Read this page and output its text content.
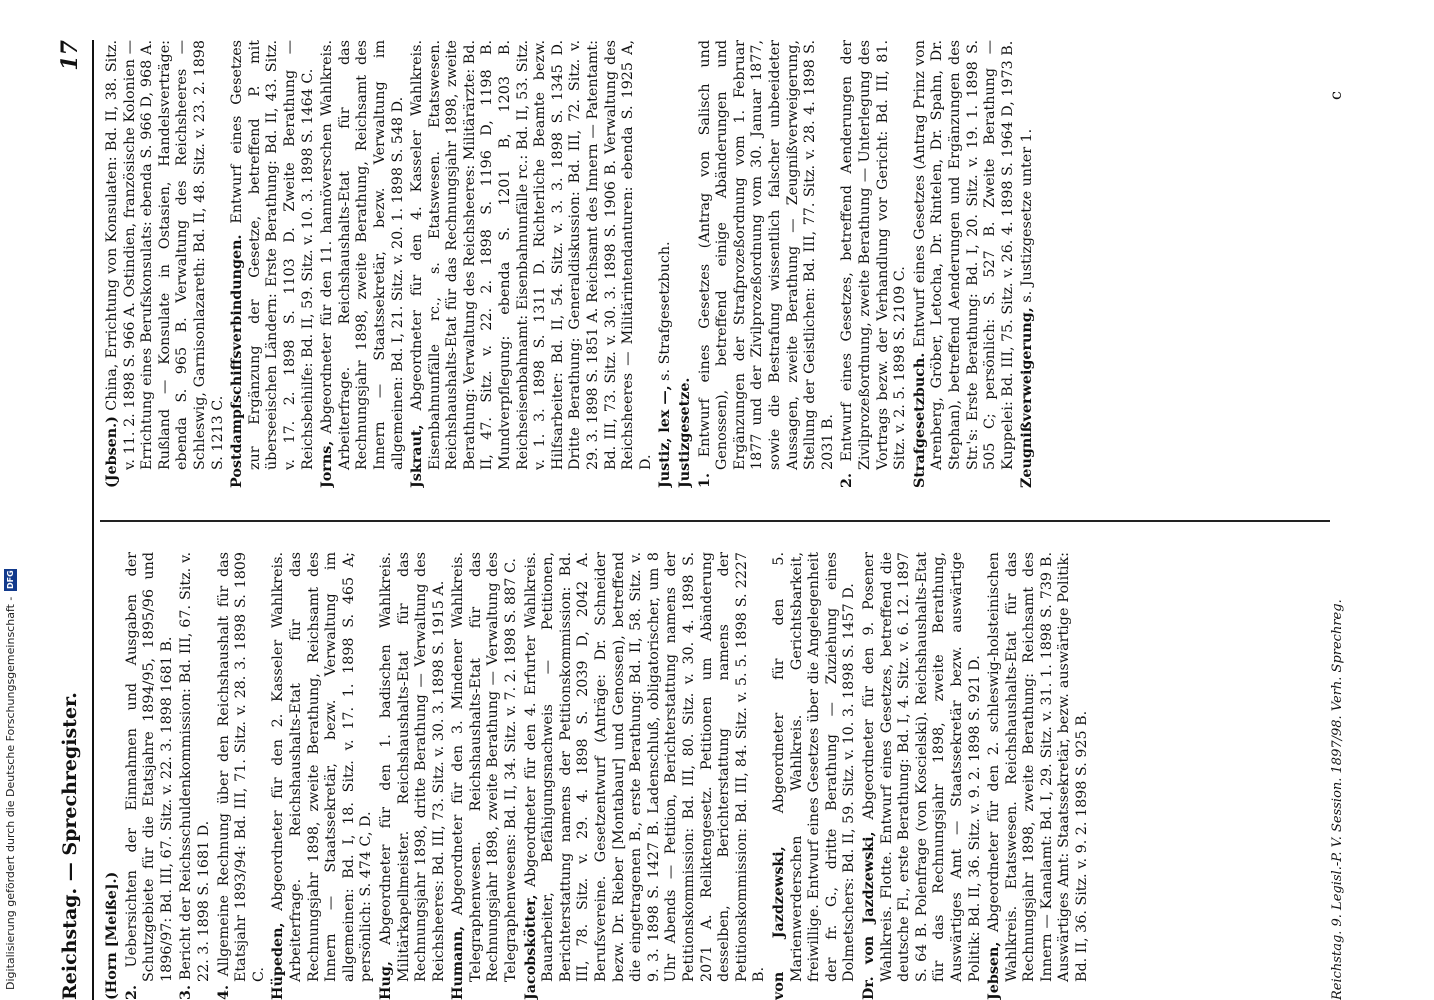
Reichstag. — Sprechregister.
17
(Horn [Meiße].) 2. Uebersichten der Einnahmen und Ausgaben der Schutzgebiete für die Etatsjahre 1894/95, 1895/96 und 1896/97: Bd. III, 67. Sitz. v. 22. 3. 1898 1681 B.
3. Bericht der Reichsschuldenkommission: Bd. III, 67. Sitz. v. 22. 3. 1898 S. 1681 D.
4. Allgemeine Rechnung über den Reichshaushalt für das Etatsjahr 1893/94: Bd. III, 71. Sitz. v. 28. 3. 1898 S. 1809 C. Hüpeden, Abgeordneter für den 2. Kasseler Wahlkreis. Arbeiterfrage. Reichshaushalts-Etat für das Rechnungsjahr 1898, zweite Berathung, Reichsamt des Innern — Staatssekretär, bezw. Verwaltung im allgemeinen: Bd. I, 18. Sitz. v. 17. 1. 1898 S. 465 A; persönlich: S. 474 C, D. Hug, Abgeordneter für den 1. badischen Wahlkreis. Militärkapellmeister. Reichshaushalts-Etat für das Rechnungsjahr 1898, dritte Berathung — Verwaltung des Reichsheeres: Bd. III, 73. Sitz. v. 30. 3. 1898 S. 1915 A. Humann, Abgeordneter für den 3. Mindener Wahlkreis. Telegraphenwesen. Reichshaushalts-Etat für das Rechnungsjahr 1898, zweite Berathung — Verwaltung des Telegraphenwesens: Bd. II, 34. Sitz. v. 7. 2. 1898 S. 887 C. Jacobskötter, Abgeordneter für den 4. Erfurter Wahlkreis. Bauarbeiter, Befähigungsnachweis — Petitionen, Berichterstattung namens der Petitionskommission: Bd. III, 78. Sitz. v. 29. 4. 1898 S. 2039 D, 2042 A. Berufsvereine. Gesetzentwurf (Anträge: Dr. Schneider bezw. Dr. Rieber [Montabaur] und Genossen), betreffend die eingetragenen B., erste Berathung: Bd. II, 58. Sitz. v. 9. 3. 1898 S. 1427 B. Ladenschluß, obligatorischer, um 8 Uhr Abends — Petition, Berichterstattung namens der Petitionskommission: Bd. III, 80. Sitz. v. 30. 4. 1898 S. 2071 A. Reliktengesetz. Petitionen um Abänderung desselben, Berichterstattung namens der Petitionskommission: Bd. III, 84. Sitz. v. 5. 5. 1898 S. 2227 B. von Jazdzewski, Abgeordneter für den 5. Marienwerderschen Wahlkreis. Gerichtsbarkeit, freiwillige. Entwurf eines Gesetzes über die Angelegenheit der fr. G., dritte Berathung — Zuziehung eines Dolmetschers: Bd. II, 59. Sitz. v. 10. 3. 1898 S. 1457 D. Dr. von Jazdzewski, Abgeordneter für den 9. Posener Wahlkreis. Flotte. Entwurf eines Gesetzes, betreffend die deutsche Fl., erste Berathung: Bd. I, 4. Sitz. v. 6. 12. 1897 S. 64 B. Polenfrage (von Koscielski). Reichshaushalts-Etat für das Rechnungsjahr 1898, zweite Berathung, Auswärtiges Amt — Staatssekretär bezw. auswärtige Politik: Bd. II, 36. Sitz. v. 9. 2. 1898 S. 921 D. Jebsen, Abgeordneter für den 2. schleswig-holsteinischen Wahlkreis. Etatswesen. Reichshaushalts-Etat für das Rechnungsjahr 1898, zweite Berathung: Reichsamt des Innern — Kanalamt: Bd. I, 29. Sitz. v. 31. 1. 1898 S. 739 B. Auswärtiges Amt: Staatssekretär, bezw. auswärtige Politik: Bd. II, 36. Sitz. v. 9. 2. 1898 S. 925 B.
(Jebsen.) China, Errichtung von Konsulaten: Bd. II, 38. Sitz. v. 11. 2. 1898 S. 966 A. Ostindien, französische Kolonien — Errichtung eines Berufskonsulats: ebenda S. 966 D, 968 A. Rußland — Konsulate in Ostasien, Handelsverträge: ebenda S. 965 B. Verwaltung des Reichsheeres — Schleswig, Garnisonlazareth: Bd. II, 48. Sitz. v. 23. 2. 1898 S. 1213 C. Postdampfschiffsverbindungen. Entwurf eines Gesetzes zur Ergänzung der Gesetze, betreffend P. mit überseeischen Ländern: Erste Berathung: Bd. II, 43. Sitz. v. 17. 2. 1898 S. 1103 D. Zweite Berathung — Reichsbeihilfe: Bd. II, 59. Sitz. v. 10. 3. 1898 S. 1464 C. Jorns, Abgeordneter für den 11. hannöverschen Wahlkreis. Arbeiterfrage. Reichshaushalts-Etat für das Rechnungsjahr 1898, zweite Berathung, Reichsamt des Innern — Staatssekretär, bezw. Verwaltung im allgemeinen: Bd. I, 21. Sitz. v. 20. 1. 1898 S. 548 D. Jskraut, Abgeordneter für den 4. Kasseler Wahlkreis. Eisenbahnunfälle rc., s. Etatswesen. Etatswesen. Reichshaushalts-Etat für das Rechnungsjahr 1898, zweite Berathung: Verwaltung des Reichsheeres: Militärärzte: Bd. II, 47. Sitz. v. 22. 2. 1898 S. 1196 D, 1198 B. Mundverpflegung: ebenda S. 1201 B, 1203 B. Reichseisenbahnamt: Eisenbahnunfälle rc.: Bd. II, 53. Sitz. v. 1. 3. 1898 S. 1311 D. Richterliche Beamte bezw. Hilfsarbeiter: Bd. II, 54. Sitz. v. 3. 3. 1898 S. 1345 D. Dritte Berathung: Generaldiskussion: Bd. III, 72. Sitz. v. 29. 3. 1898 S. 1851 A. Reichsamt des Innern — Patentamt: Bd. III, 73. Sitz. v. 30. 3. 1898 S. 1906 B. Verwaltung des Reichsheeres — Militärintendanturen: ebenda S. 1925 A, D. Justiz, lex —, s. Strafgesetzbuch.
Justizgesetze. 1. Entwurf eines Gesetzes (Antrag von Salisch und Genossen), betreffend einige Abänderungen und Ergänzungen der Strafprozeßordnung vom 1. Februar 1877 und der Zivilprozeßordnung vom 30. Januar 1877, sowie die Bestrafung wissentlich falscher unbeeideter Aussagen, zweite Berathung — Zeugnißverweigerung, Stellung der Geistlichen: Bd. III, 77. Sitz. v. 28. 4. 1898 S. 2031 B.
2. Entwurf eines Gesetzes, betreffend Aenderungen der Zivilprozeßordnung, zweite Berathung — Unterlegung des Vortrags bezw. der Verhandlung vor Gericht: Bd. III, 81. Sitz. v. 2. 5. 1898 S. 2109 C. Strafgesetzbuch. Entwurf eines Gesetzes (Antrag Prinz von Arenberg, Gröber, Letocha, Dr. Rintelen, Dr. Spahn, Dr. Stephan), betreffend Aenderungen und Ergänzungen des Str.'s: Erste Berathung: Bd. I, 20. Sitz. v. 19. 1. 1898 S. 505 C; persönlich: S. 527 B. Zweite Berathung — Kuppelei: Bd. III, 75. Sitz. v. 26. 4. 1898 S. 1964 D, 1973 B. Zeugnißverweigerung, s. Justizgesetze unter 1.
Reichstag. 9. Legisl.-P. V. Session. 1897/98. Verh. Sprechreg.
c
Digitalisierung gefördert durch die Deutsche Forschungsgemeinschaft -
DFG
